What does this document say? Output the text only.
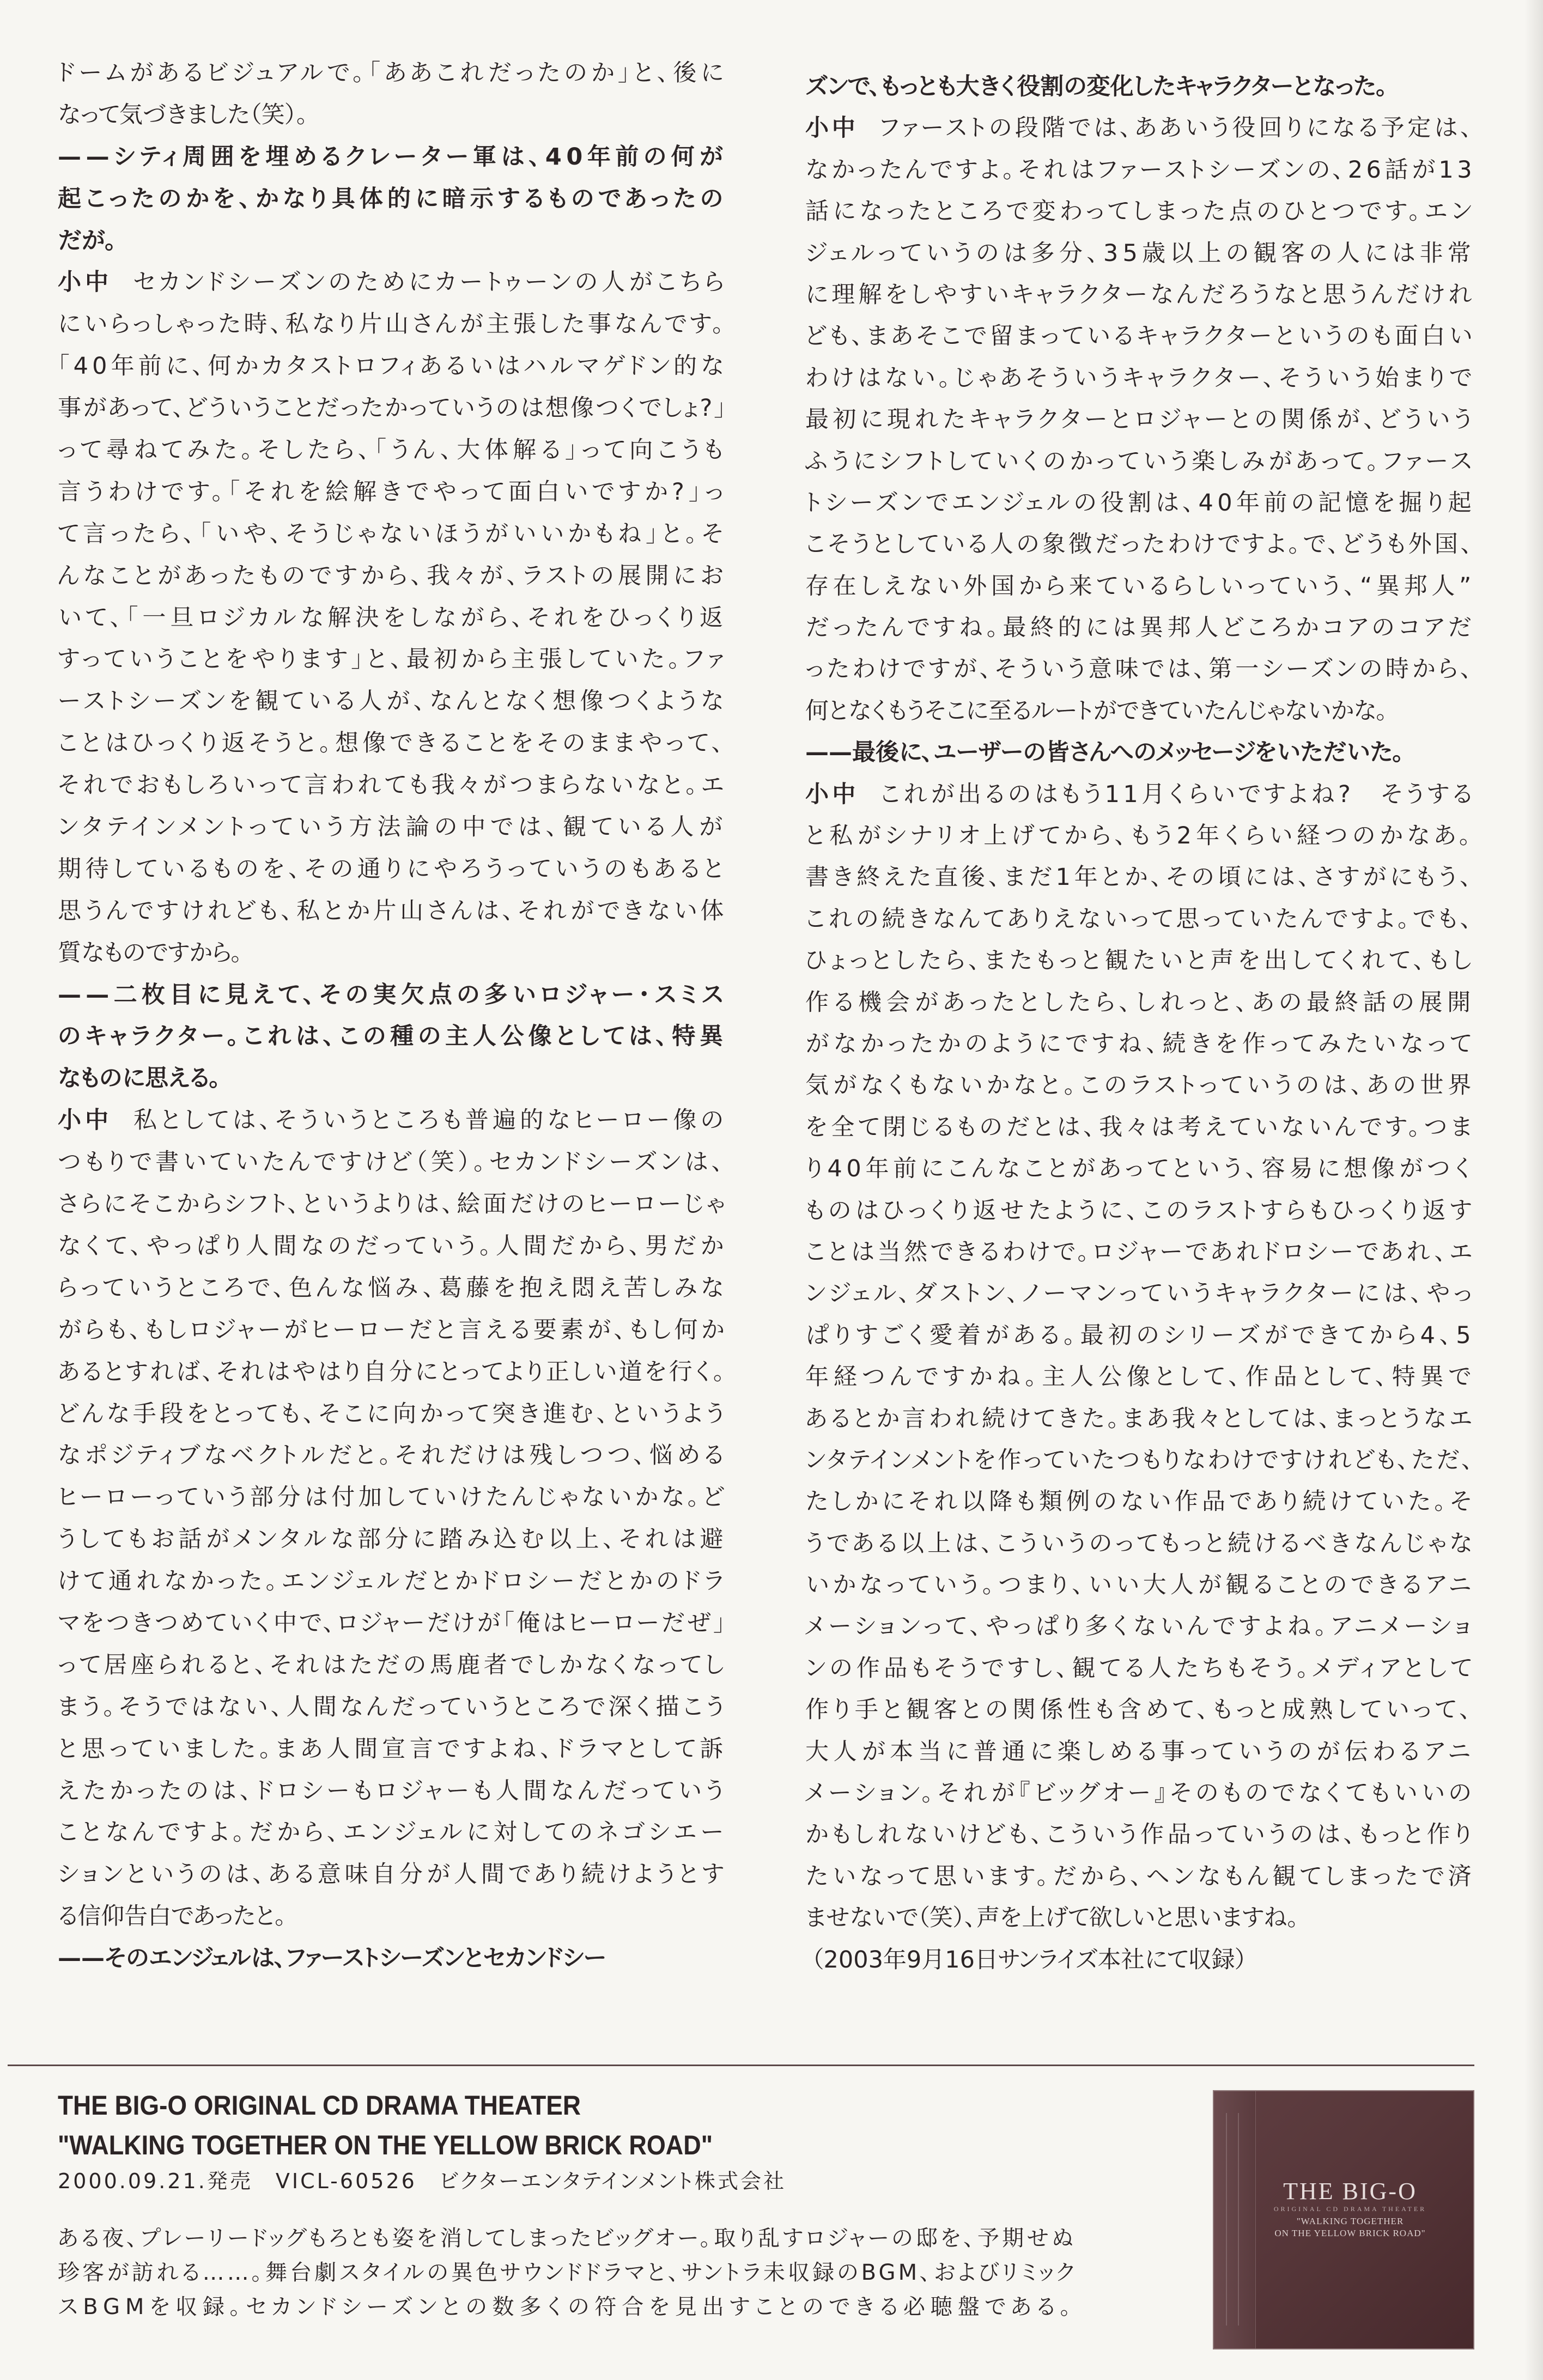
ドームがあるビジュアルで。「ああこれだったのか」と、後に
なって気づきました（笑）。
——シティ周囲を埋めるクレーター軍は、40年前の何が
起こったのかを、かなり具体的に暗示するものであったの
だが。
小中 セカンドシーズンのためにカートゥーンの人がこちら
にいらっしゃった時、私なり片山さんが主張した事なんです。
「40年前に、何かカタストロフィあるいはハルマゲドン的な
事があって、どういうことだったかっていうのは想像つくでしょ?」
って尋ねてみた。そしたら、「うん、大体解る」って向こうも
言うわけです。「それを絵解きでやって面白いですか?」っ
て言ったら、「いや、そうじゃないほうがいいかもね」と。そ
んなことがあったものですから、我々が、ラストの展開にお
いて、「一旦ロジカルな解決をしながら、それをひっくり返
すっていうことをやります」と、最初から主張していた。ファ
ーストシーズンを観ている人が、なんとなく想像つくような
ことはひっくり返そうと。想像できることをそのままやって、
それでおもしろいって言われても我々がつまらないなと。エ
ンタテインメントっていう方法論の中では、観ている人が
期待しているものを、その通りにやろうっていうのもあると
思うんですけれども、私とか片山さんは、それができない体
質なものですから。
——二枚目に見えて、その実欠点の多いロジャー・スミス
のキャラクター。これは、この種の主人公像としては、特異
なものに思える。
小中 私としては、そういうところも普遍的なヒーロー像の
つもりで書いていたんですけど（笑）。セカンドシーズンは、
さらにそこからシフト、というよりは、絵面だけのヒーローじゃ
なくて、やっぱり人間なのだっていう。人間だから、男だか
らっていうところで、色んな悩み、葛藤を抱え悶え苦しみな
がらも、もしロジャーがヒーローだと言える要素が、もし何か
あるとすれば、それはやはり自分にとってより正しい道を行く。
どんな手段をとっても、そこに向かって突き進む、というよう
なポジティブなベクトルだと。それだけは残しつつ、悩める
ヒーローっていう部分は付加していけたんじゃないかな。ど
うしてもお話がメンタルな部分に踏み込む以上、それは避
けて通れなかった。エンジェルだとかドロシーだとかのドラ
マをつきつめていく中で、ロジャーだけが「俺はヒーローだぜ」
って居座られると、それはただの馬鹿者でしかなくなってし
まう。そうではない、人間なんだっていうところで深く描こう
と思っていました。まあ人間宣言ですよね、ドラマとして訴
えたかったのは、ドロシーもロジャーも人間なんだっていう
ことなんですよ。だから、エンジェルに対してのネゴシエー
ションというのは、ある意味自分が人間であり続けようとす
る信仰告白であったと。
——そのエンジェルは、ファーストシーズンとセカンドシー
ズンで、もっとも大きく役割の変化したキャラクターとなった。
小中 ファーストの段階では、ああいう役回りになる予定は、
なかったんですよ。それはファーストシーズンの、26話が13
話になったところで変わってしまった点のひとつです。エン
ジェルっていうのは多分、35歳以上の観客の人には非常
に理解をしやすいキャラクターなんだろうなと思うんだけれ
ども、まあそこで留まっているキャラクターというのも面白い
わけはない。じゃあそういうキャラクター、そういう始まりで
最初に現れたキャラクターとロジャーとの関係が、どういう
ふうにシフトしていくのかっていう楽しみがあって。ファース
トシーズンでエンジェルの役割は、40年前の記憶を掘り起
こそうとしている人の象徴だったわけですよ。で、どうも外国、
存在しえない外国から来ているらしいっていう、“異邦人”
だったんですね。最終的には異邦人どころかコアのコアだ
ったわけですが、そういう意味では、第一シーズンの時から、
何となくもうそこに至るルートができていたんじゃないかな。
——最後に、ユーザーの皆さんへのメッセージをいただいた。
小中 これが出るのはもう11月くらいですよね?　そうする
と私がシナリオ上げてから、もう2年くらい経つのかなあ。
書き終えた直後、まだ1年とか、その頃には、さすがにもう、
これの続きなんてありえないって思っていたんですよ。でも、
ひょっとしたら、またもっと観たいと声を出してくれて、もし
作る機会があったとしたら、しれっと、あの最終話の展開
がなかったかのようにですね、続きを作ってみたいなって
気がなくもないかなと。このラストっていうのは、あの世界
を全て閉じるものだとは、我々は考えていないんです。つま
り40年前にこんなことがあってという、容易に想像がつく
ものはひっくり返せたように、このラストすらもひっくり返す
ことは当然できるわけで。ロジャーであれドロシーであれ、エ
ンジェル、ダストン、ノーマンっていうキャラクターには、やっ
ぱりすごく愛着がある。最初のシリーズができてから4、5
年経つんですかね。主人公像として、作品として、特異で
あるとか言われ続けてきた。まあ我々としては、まっとうなエ
ンタテインメントを作っていたつもりなわけですけれども、ただ、
たしかにそれ以降も類例のない作品であり続けていた。そ
うである以上は、こういうのってもっと続けるべきなんじゃな
いかなっていう。つまり、いい大人が観ることのできるアニ
メーションって、やっぱり多くないんですよね。アニメーショ
ンの作品もそうですし、観てる人たちもそう。メディアとして
作り手と観客との関係性も含めて、もっと成熟していって、
大人が本当に普通に楽しめる事っていうのが伝わるアニ
メーション。それが『ビッグオー』そのものでなくてもいいの
かもしれないけども、こういう作品っていうのは、もっと作り
たいなって思います。だから、ヘンなもん観てしまったで済
ませないで（笑）、声を上げて欲しいと思いますね。
（2003年9月16日サンライズ本社にて収録）
THE BIG-O ORIGINAL CD DRAMA THEATER
"WALKING TOGETHER ON THE YELLOW BRICK ROAD"
2000.09.21.発売　VICL-60526　ビクターエンタテインメント株式会社
ある夜、プレーリードッグもろとも姿を消してしまったビッグオー。取り乱すロジャーの邸を、予期せぬ
珍客が訪れる……。舞台劇スタイルの異色サウンドドラマと、サントラ未収録のBGM、およびリミック
スBGMを収録。セカンドシーズンとの数多くの符合を見出すことのできる必聴盤である。
THE BIG-O
ORIGINAL CD DRAMA THEATER
"WALKING TOGETHER
ON THE YELLOW BRICK ROAD"
